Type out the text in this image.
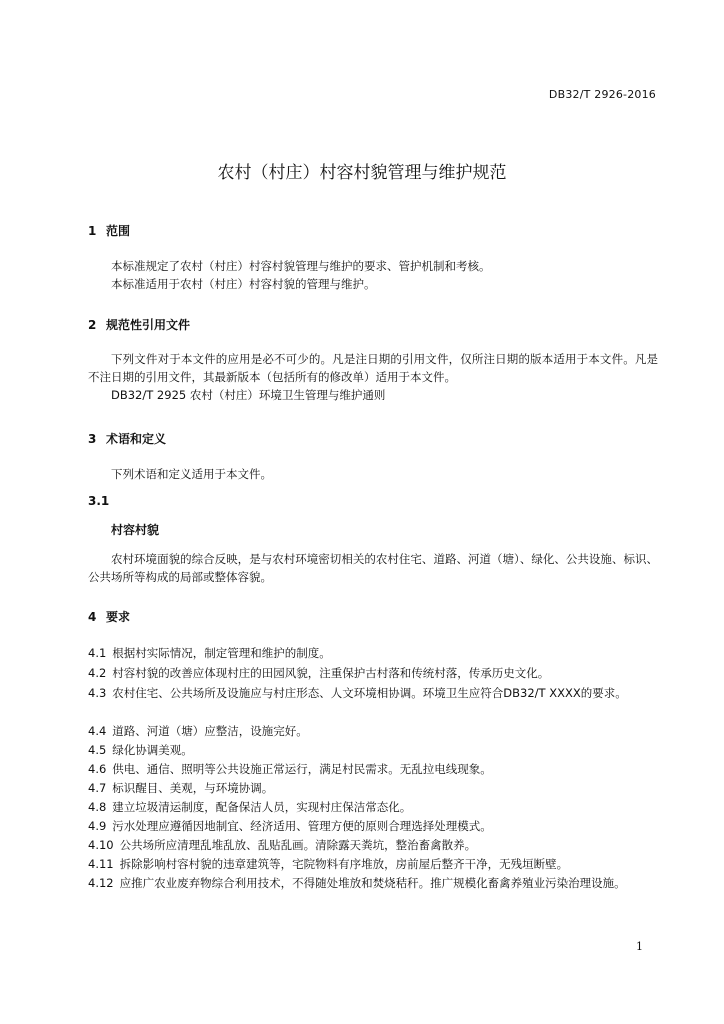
DB32/T 2926-2016
农村（村庄）村容村貌管理与维护规范
1 范围
本标准规定了农村（村庄）村容村貌管理与维护的要求、管护机制和考核。
本标准适用于农村（村庄）村容村貌的管理与维护。
2 规范性引用文件
下列文件对于本文件的应用是必不可少的。凡是注日期的引用文件，仅所注日期的版本适用于本文件。凡是不注日期的引用文件，其最新版本（包括所有的修改单）适用于本文件。
DB32/T 2925 农村（村庄）环境卫生管理与维护通则
3 术语和定义
下列术语和定义适用于本文件。
3.1
村容村貌
农村环境面貌的综合反映，是与农村环境密切相关的农村住宅、道路、河道（塘）、绿化、公共设施、标识、公共场所等构成的局部或整体容貌。
4 要求
4.1 根据村实际情况，制定管理和维护的制度。
4.2 村容村貌的改善应体现村庄的田园风貌，注重保护古村落和传统村落，传承历史文化。
4.3 农村住宅、公共场所及设施应与村庄形态、人文环境相协调。环境卫生应符合DB32/T XXXX的要求。
4.4 道路、河道（塘）应整洁，设施完好。
4.5 绿化协调美观。
4.6 供电、通信、照明等公共设施正常运行，满足村民需求。无乱拉电线现象。
4.7 标识醒目、美观，与环境协调。
4.8 建立垃圾清运制度，配备保洁人员，实现村庄保洁常态化。
4.9 污水处理应遵循因地制宜、经济适用、管理方便的原则合理选择处理模式。
4.10 公共场所应清理乱堆乱放、乱贴乱画。清除露天粪坑，整治畜禽散养。
4.11 拆除影响村容村貌的违章建筑等，宅院物料有序堆放，房前屋后整齐干净，无残垣断壁。
4.12 应推广农业废弃物综合利用技术，不得随处堆放和焚烧秸秆。推广规模化畜禽养殖业污染治理设施。
1
